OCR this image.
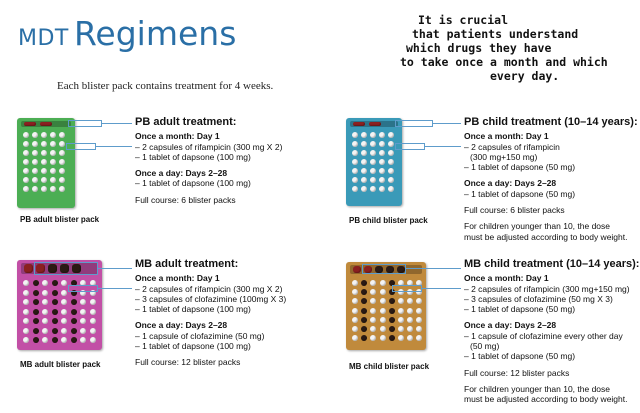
MDT Regimens	It is crucial
that patients understand
which drugs they have
to take once a month and which
every day.
Each blister pack contains treatment for 4 weeks.
PB adult blister pack
PB adult treatment:
Once a month: Day 1
– 2 capsules of rifampicin (300 mg X 2)
– 1 tablet of dapsone (100 mg)
Once a day: Days 2–28
– 1 tablet of dapsone (100 mg)
Full course: 6 blister packs
PB child blister pack
PB child treatment (10–14 years):
Once a month: Day 1
– 2 capsules of rifampicin
(300 mg+150 mg)
– 1 tablet of dapsone (50 mg)
Once a day: Days 2–28
– 1 tablet of dapsone (50 mg)
Full course: 6 blister packs
For children younger than 10, the dose
must be adjusted according to body weight.
MB adult blister pack
MB adult treatment:
Once a month: Day 1
– 2 capsules of rifampicin (300 mg X 2)
– 3 capsules of clofazimine (100mg X 3)
– 1 tablet of dapsone (100 mg)
Once a day: Days 2–28
– 1 capsule of clofazimine (50 mg)
– 1 tablet of dapsone (100 mg)
Full course: 12 blister packs	MB child blister pack
MB child treatment (10–14 years):
Once a month: Day 1
– 2 capsules of rifampicin (300 mg+150 mg)
– 3 capsules of clofazimine (50 mg X 3)
– 1 tablet of dapsone (50 mg)
Once a day: Days 2–28
– 1 capsule of clofazimine every other day
(50 mg)
– 1 tablet of dapsone (50 mg)
Full course: 12 blister packs
For children younger than 10, the dose
must be adjusted according to body weight.
